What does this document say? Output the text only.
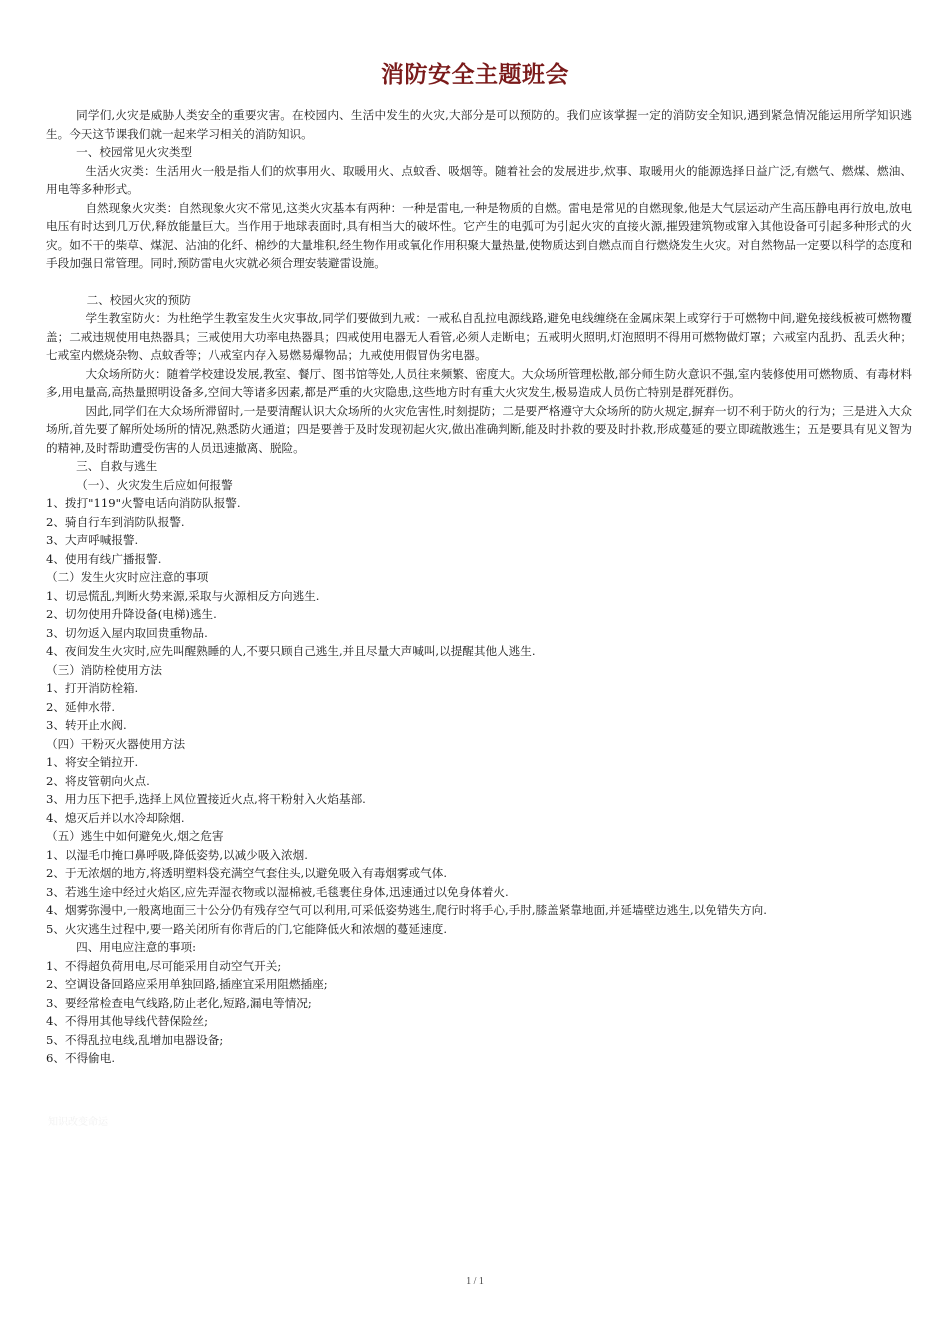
消防安全主题班会

同学们,火灾是威胁人类安全的重要灾害。在校园内、生活中发生的火灾,大部分是可以预防的。我们应该掌握一定的消防安全知识,遇到紧急情况能运用所学知识逃生。今天这节课我们就一起来学习相关的消防知识。

一、校园常见火灾类型

生活火灾类：生活用火一般是指人们的炊事用火、取暖用火、点蚊香、吸烟等。随着社会的发展进步,炊事、取暖用火的能源选择日益广泛,有燃气、燃煤、燃油、用电等多种形式。

自然现象火灾类：自然现象火灾不常见,这类火灾基本有两种：一种是雷电,一种是物质的自燃。雷电是常见的自燃现象,他是大气层运动产生高压静电再行放电,放电电压有时达到几万伏,释放能量巨大。当作用于地球表面时,具有相当大的破坏性。它产生的电弧可为引起火灾的直接火源,摧毁建筑物或窜入其他设备可引起多种形式的火灾。如不干的柴草、煤泥、沾油的化纤、棉纱的大量堆积,经生物作用或氧化作用积聚大量热量,使物质达到自燃点而自行燃烧发生火灾。对自然物品一定要以科学的态度和手段加强日常管理。同时,预防雷电火灾就必须合理安装避雷设施。

二、校园火灾的预防

学生教室防火：为杜绝学生教室发生火灾事故,同学们要做到九戒：一戒私自乱拉电源线路,避免电线缠绕在金属床架上或穿行于可燃物中间,避免接线板被可燃物覆盖；二戒违规使用电热器具；三戒使用大功率电热器具；四戒使用电器无人看管,必须人走断电；五戒明火照明,灯泡照明不得用可燃物做灯罩；六戒室内乱扔、乱丢火种；七戒室内燃烧杂物、点蚊香等；八戒室内存入易燃易爆物品；九戒使用假冒伪劣电器。

大众场所防火：随着学校建设发展,教室、餐厅、图书馆等处,人员往来频繁、密度大。大众场所管理松散,部分师生防火意识不强,室内装修使用可燃物质、有毒材料多,用电量高,高热量照明设备多,空间大等诸多因素,都是严重的火灾隐患,这些地方时有重大火灾发生,极易造成人员伤亡特别是群死群伤。

因此,同学们在大众场所滞留时,一是要清醒认识大众场所的火灾危害性,时刻提防；二是要严格遵守大众场所的防火规定,摒弃一切不利于防火的行为；三是进入大众场所,首先要了解所处场所的情况,熟悉防火通道；四是要善于及时发现初起火灾,做出准确判断,能及时扑救的要及时扑救,形成蔓延的要立即疏散逃生；五是要具有见义智为的精神,及时帮助遭受伤害的人员迅速撤离、脱险。

三、自救与逃生

（一）、火灾发生后应如何报警

1、拨打"119"火警电话向消防队报警.

2、骑自行车到消防队报警.

3、大声呼喊报警.

4、使用有线广播报警.

（二）发生火灾时应注意的事项

1、切忌慌乱,判断火势来源,采取与火源相反方向逃生.

2、切勿使用升降设备(电梯)逃生.

3、切勿返入屋内取回贵重物品.

4、夜间发生火灾时,应先叫醒熟睡的人,不要只顾自己逃生,并且尽量大声喊叫,以提醒其他人逃生.

（三）消防栓使用方法

1、打开消防栓箱.

2、延伸水带.

3、转开止水阀.

（四）干粉灭火器使用方法

1、将安全销拉开.

2、将皮管朝向火点.

3、用力压下把手,选择上风位置接近火点,将干粉射入火焰基部.

4、熄灭后并以水冷却除烟.

（五）逃生中如何避免火,烟之危害

1、以湿毛巾掩口鼻呼吸,降低姿势,以减少吸入浓烟.

2、于无浓烟的地方,将透明塑料袋充满空气套住头,以避免吸入有毒烟雾或气体.

3、若逃生途中经过火焰区,应先弄湿衣物或以湿棉被,毛毯裹住身体,迅速通过以免身体着火.

4、烟雾弥漫中,一般离地面三十公分仍有残存空气可以利用,可采低姿势逃生,爬行时将手心,手肘,膝盖紧靠地面,并延墙壁边逃生,以免错失方向.

5、火灾逃生过程中,要一路关闭所有你背后的门,它能降低火和浓烟的蔓延速度.

四、用电应注意的事项:

1、不得超负荷用电,尽可能采用自动空气开关;

2、空调设备回路应采用单独回路,插座宜采用阻燃插座;

3、要经常检查电气线路,防止老化,短路,漏电等情况;

4、不得用其他导线代替保险丝;

5、不得乱拉电线,乱增加电器设备;

6、不得偷电.

知识改变命运
1 / 1
